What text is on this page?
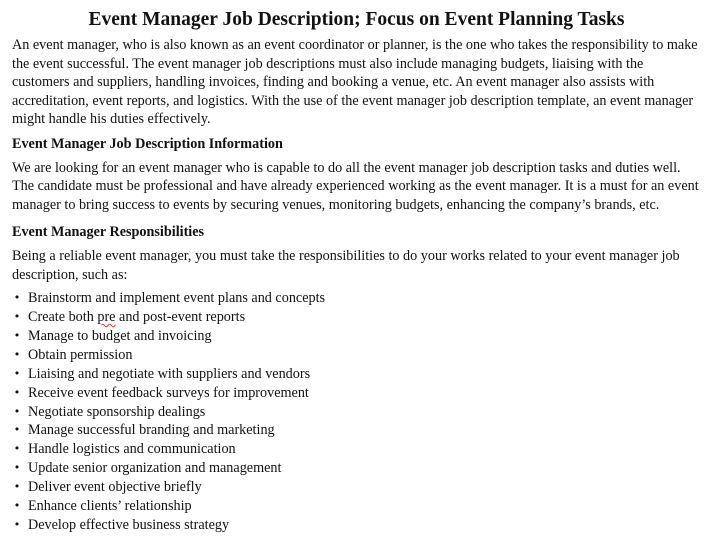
Event Manager Job Description; Focus on Event Planning Tasks

An event manager, who is also known as an event coordinator or planner, is the one who takes the responsibility to make the event successful. The event manager job descriptions must also include managing budgets, liaising with the customers and suppliers, handling invoices, finding and booking a venue, etc. An event manager also assists with accreditation, event reports, and logistics. With the use of the event manager job description template, an event manager might handle his duties effectively.

Event Manager Job Description Information

We are looking for an event manager who is capable to do all the event manager job description tasks and duties well. The candidate must be professional and have already experienced working as the event manager. It is a must for an event manager to bring success to events by securing venues, monitoring budgets, enhancing the company’s brands, etc.

Event Manager Responsibilities

Being a reliable event manager, you must take the responsibilities to do your works related to your event manager job description, such as:

• Brainstorm and implement event plans and concepts
• Create both pre and post-event reports
• Manage to budget and invoicing
• Obtain permission
• Liaising and negotiate with suppliers and vendors
• Receive event feedback surveys for improvement
• Negotiate sponsorship dealings
• Manage successful branding and marketing
• Handle logistics and communication
• Update senior organization and management
• Deliver event objective briefly
• Enhance clients’ relationship
• Develop effective business strategy
